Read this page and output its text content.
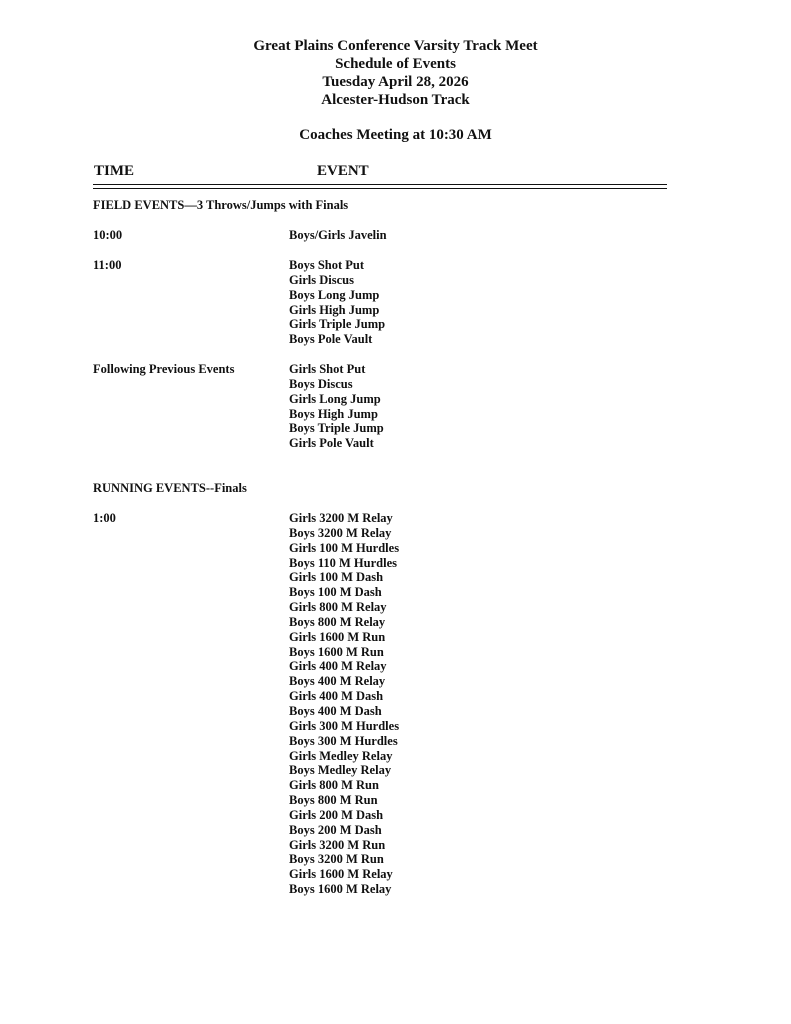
Great Plains Conference Varsity Track Meet
Schedule of Events
Tuesday April 28, 2026
Alcester-Hudson Track
Coaches Meeting at 10:30 AM
TIME	EVENT
FIELD EVENTS—3 Throws/Jumps with Finals
10:00	Boys/Girls Javelin
11:00	Boys Shot Put
Girls Discus
Boys Long Jump
Girls High Jump
Girls Triple Jump
Boys Pole Vault
Following Previous Events	Girls Shot Put
Boys Discus
Girls Long Jump
Boys High Jump
Boys Triple Jump
Girls Pole Vault
RUNNING EVENTS--Finals
1:00	Girls 3200 M Relay
Boys 3200 M Relay
Girls 100 M Hurdles
Boys 110 M Hurdles
Girls 100 M Dash
Boys 100 M Dash
Girls 800 M Relay
Boys 800 M Relay
Girls 1600 M Run
Boys 1600 M Run
Girls 400 M Relay
Boys 400 M Relay
Girls 400 M Dash
Boys 400 M Dash
Girls 300 M Hurdles
Boys 300 M Hurdles
Girls Medley Relay
Boys Medley Relay
Girls 800 M Run
Boys 800 M Run
Girls 200 M Dash
Boys 200 M Dash
Girls 3200 M Run
Boys 3200 M Run
Girls 1600 M Relay
Boys 1600 M Relay
